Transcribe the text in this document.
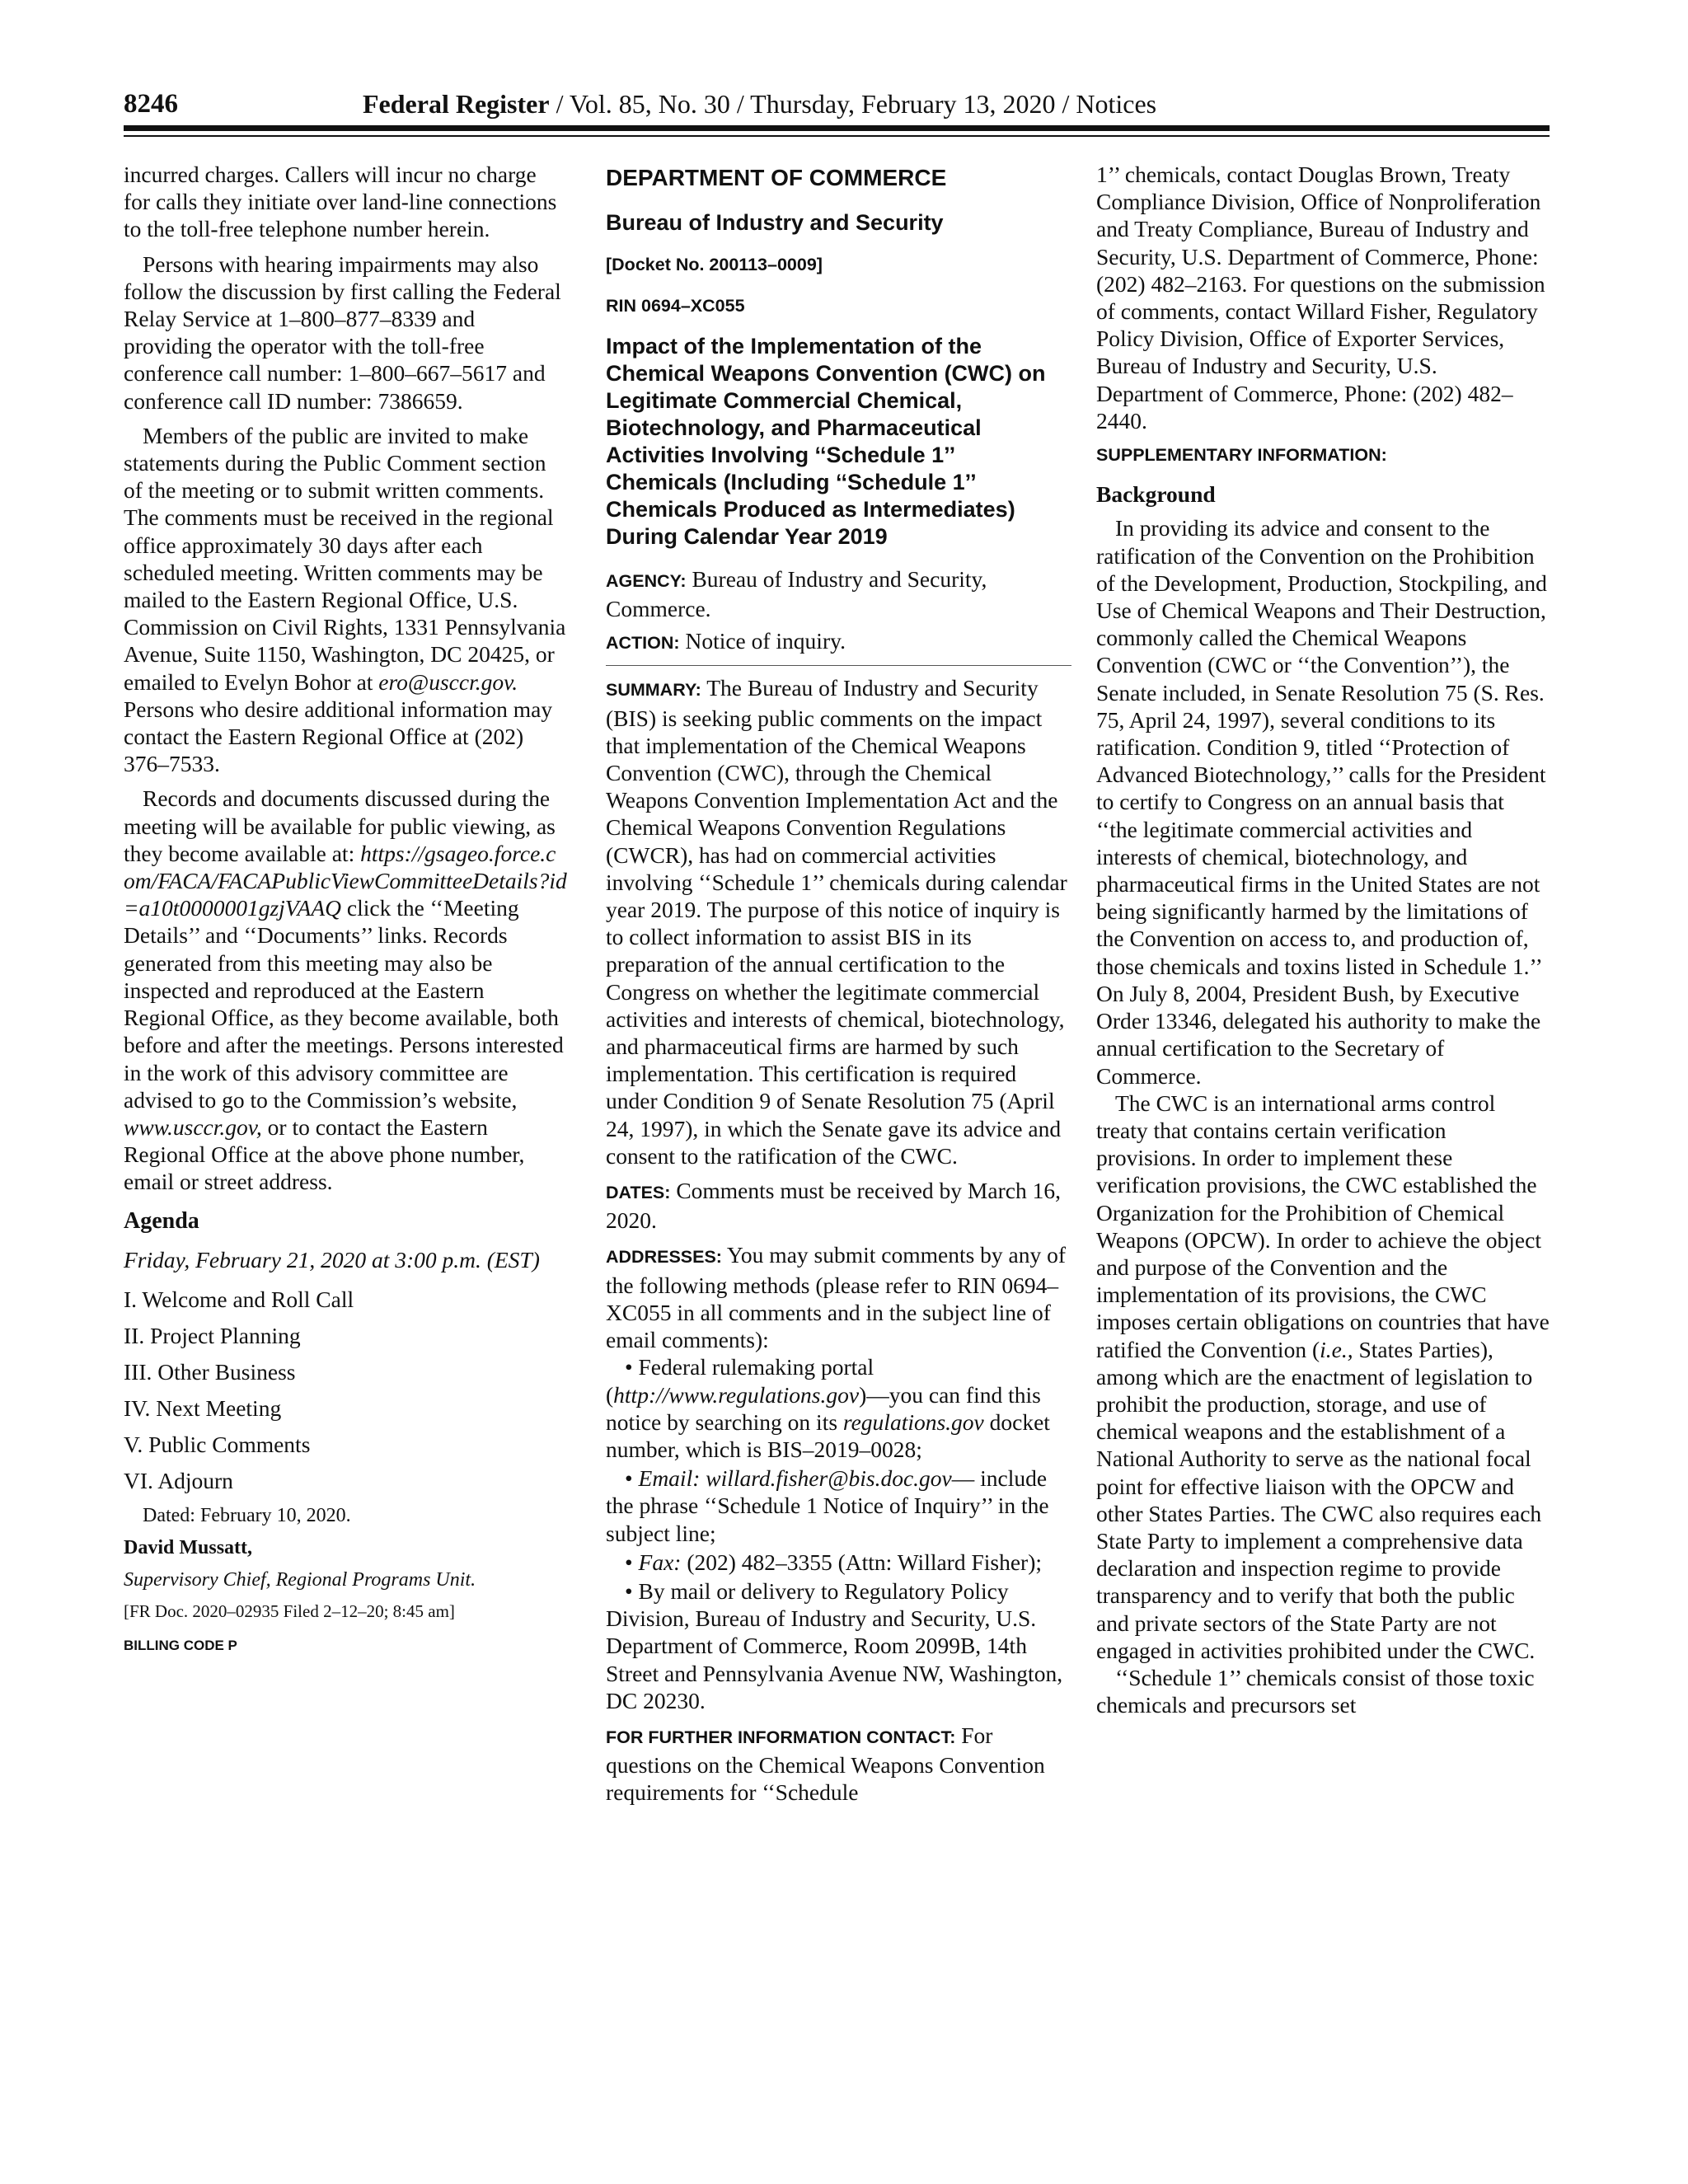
8246	Federal Register / Vol. 85, No. 30 / Thursday, February 13, 2020 / Notices

incurred charges. Callers will incur no charge for calls they initiate over land-line connections to the toll-free telephone number herein.

Persons with hearing impairments may also follow the discussion by first calling the Federal Relay Service at 1–800–877–8339 and providing the operator with the toll-free conference call number: 1–800–667–5617 and conference call ID number: 7386659.

Members of the public are invited to make statements during the Public Comment section of the meeting or to submit written comments. The comments must be received in the regional office approximately 30 days after each scheduled meeting. Written comments may be mailed to the Eastern Regional Office, U.S. Commission on Civil Rights, 1331 Pennsylvania Avenue, Suite 1150, Washington, DC 20425, or emailed to Evelyn Bohor at ero@usccr.gov. Persons who desire additional information may contact the Eastern Regional Office at (202) 376–7533.

Records and documents discussed during the meeting will be available for public viewing, as they become available at: https://gsageo.force.com/FACA/FACAPublicViewCommitteeDetails?id=a10t0000001gzjVAAQ click the ‘‘Meeting Details’’ and ‘‘Documents’’ links. Records generated from this meeting may also be inspected and reproduced at the Eastern Regional Office, as they become available, both before and after the meetings. Persons interested in the work of this advisory committee are advised to go to the Commission’s website, www.usccr.gov, or to contact the Eastern Regional Office at the above phone number, email or street address.

Agenda

Friday, February 21, 2020 at 3:00 p.m. (EST)

I. Welcome and Roll Call

II. Project Planning

III. Other Business

IV. Next Meeting

V. Public Comments

VI. Adjourn

Dated: February 10, 2020.

David Mussatt,

Supervisory Chief, Regional Programs Unit.

[FR Doc. 2020–02935 Filed 2–12–20; 8:45 am]

BILLING CODE P

DEPARTMENT OF COMMERCE

Bureau of Industry and Security

[Docket No. 200113–0009]

RIN 0694–XC055

Impact of the Implementation of the Chemical Weapons Convention (CWC) on Legitimate Commercial Chemical, Biotechnology, and Pharmaceutical Activities Involving ‘‘Schedule 1’’ Chemicals (Including ‘‘Schedule 1’’ Chemicals Produced as Intermediates) During Calendar Year 2019

AGENCY: Bureau of Industry and Security, Commerce.

ACTION: Notice of inquiry.

SUMMARY: The Bureau of Industry and Security (BIS) is seeking public comments on the impact that implementation of the Chemical Weapons Convention (CWC), through the Chemical Weapons Convention Implementation Act and the Chemical Weapons Convention Regulations (CWCR), has had on commercial activities involving ‘‘Schedule 1’’ chemicals during calendar year 2019. The purpose of this notice of inquiry is to collect information to assist BIS in its preparation of the annual certification to the Congress on whether the legitimate commercial activities and interests of chemical, biotechnology, and pharmaceutical firms are harmed by such implementation. This certification is required under Condition 9 of Senate Resolution 75 (April 24, 1997), in which the Senate gave its advice and consent to the ratification of the CWC.

DATES: Comments must be received by March 16, 2020.

ADDRESSES: You may submit comments by any of the following methods (please refer to RIN 0694–XC055 in all comments and in the subject line of email comments):

• Federal rulemaking portal (http://www.regulations.gov)—you can find this notice by searching on its regulations.gov docket number, which is BIS–2019–0028;

• Email: willard.fisher@bis.doc.gov— include the phrase ‘‘Schedule 1 Notice of Inquiry’’ in the subject line;

• Fax: (202) 482–3355 (Attn: Willard Fisher);

• By mail or delivery to Regulatory Policy Division, Bureau of Industry and Security, U.S. Department of Commerce, Room 2099B, 14th Street and Pennsylvania Avenue NW, Washington, DC 20230.

FOR FURTHER INFORMATION CONTACT: For questions on the Chemical Weapons Convention requirements for ‘‘Schedule

1’’ chemicals, contact Douglas Brown, Treaty Compliance Division, Office of Nonproliferation and Treaty Compliance, Bureau of Industry and Security, U.S. Department of Commerce, Phone: (202) 482–2163. For questions on the submission of comments, contact Willard Fisher, Regulatory Policy Division, Office of Exporter Services, Bureau of Industry and Security, U.S. Department of Commerce, Phone: (202) 482–2440.

SUPPLEMENTARY INFORMATION:

Background

In providing its advice and consent to the ratification of the Convention on the Prohibition of the Development, Production, Stockpiling, and Use of Chemical Weapons and Their Destruction, commonly called the Chemical Weapons Convention (CWC or ‘‘the Convention’’), the Senate included, in Senate Resolution 75 (S. Res. 75, April 24, 1997), several conditions to its ratification. Condition 9, titled ‘‘Protection of Advanced Biotechnology,’’ calls for the President to certify to Congress on an annual basis that ‘‘the legitimate commercial activities and interests of chemical, biotechnology, and pharmaceutical firms in the United States are not being significantly harmed by the limitations of the Convention on access to, and production of, those chemicals and toxins listed in Schedule 1.’’ On July 8, 2004, President Bush, by Executive Order 13346, delegated his authority to make the annual certification to the Secretary of Commerce.

The CWC is an international arms control treaty that contains certain verification provisions. In order to implement these verification provisions, the CWC established the Organization for the Prohibition of Chemical Weapons (OPCW). In order to achieve the object and purpose of the Convention and the implementation of its provisions, the CWC imposes certain obligations on countries that have ratified the Convention (i.e., States Parties), among which are the enactment of legislation to prohibit the production, storage, and use of chemical weapons and the establishment of a National Authority to serve as the national focal point for effective liaison with the OPCW and other States Parties. The CWC also requires each State Party to implement a comprehensive data declaration and inspection regime to provide transparency and to verify that both the public and private sectors of the State Party are not engaged in activities prohibited under the CWC.

‘‘Schedule 1’’ chemicals consist of those toxic chemicals and precursors set
